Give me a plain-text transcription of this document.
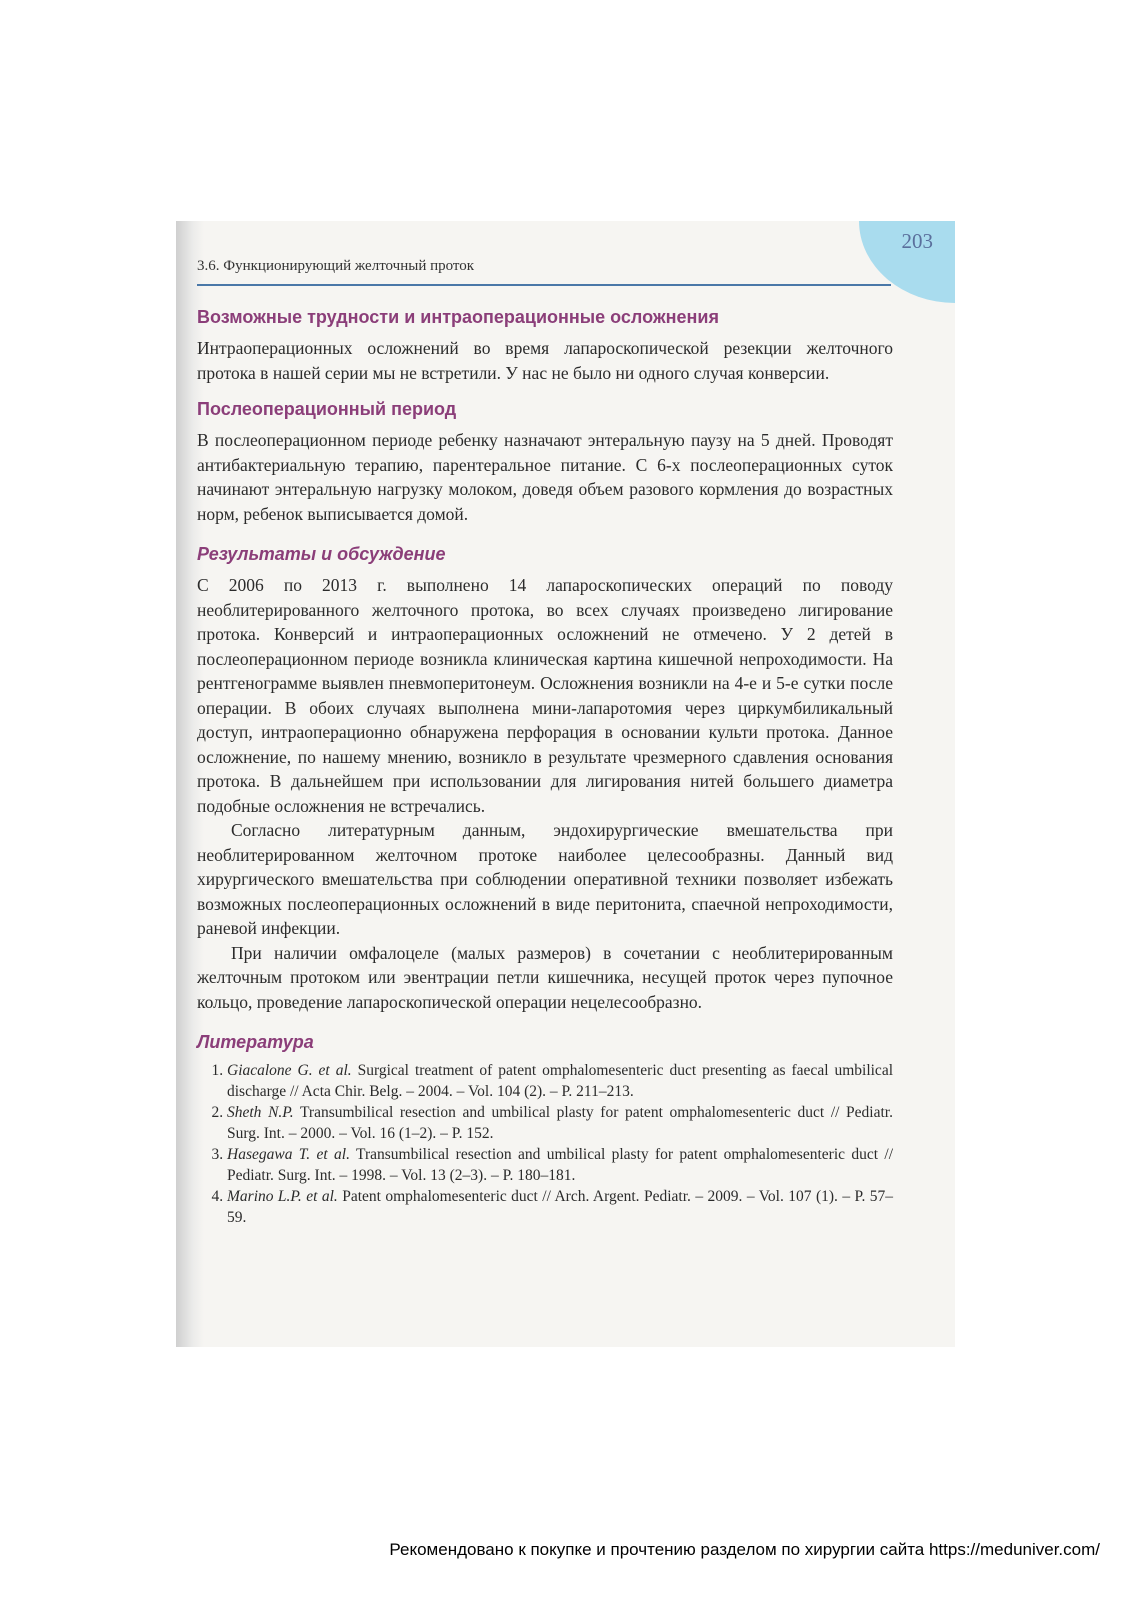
203
3.6. Функционирующий желточный проток
Возможные трудности и интраоперационные осложнения

Интраоперационных осложнений во время лапароскопической резекции желточного протока в нашей серии мы не встретили. У нас не было ни одного случая конверсии.

Послеоперационный период

В послеоперационном периоде ребенку назначают энтеральную паузу на 5 дней. Проводят антибактериальную терапию, парентеральное питание. С 6-х послеоперационных суток начинают энтеральную нагрузку молоком, доведя объем разового кормления до возрастных норм, ребенок выписывается домой.

Результаты и обсуждение

С 2006 по 2013 г. выполнено 14 лапароскопических операций по поводу необлитерированного желточного протока, во всех случаях произведено лигирование протока. Конверсий и интраоперационных осложнений не отмечено. У 2 детей в послеоперационном периоде возникла клиническая картина кишечной непроходимости. На рентгенограмме выявлен пневмоперитонеум. Осложнения возникли на 4-е и 5-е сутки после операции. В обоих случаях выполнена мини-лапаротомия через циркумбиликальный доступ, интраоперационно обнаружена перфорация в основании культи протока. Данное осложнение, по нашему мнению, возникло в результате чрезмерного сдавления основания протока. В дальнейшем при использовании для лигирования нитей большего диаметра подобные осложнения не встречались.

Согласно литературным данным, эндохирургические вмешательства при необлитерированном желточном протоке наиболее целесообразны. Данный вид хирургического вмешательства при соблюдении оперативной техники позволяет избежать возможных послеоперационных осложнений в виде перитонита, спаечной непроходимости, раневой инфекции.

При наличии омфалоцеле (малых размеров) в сочетании с необлитерированным желточным протоком или эвентрации петли кишечника, несущей проток через пупочное кольцо, проведение лапароскопической операции нецелесообразно.

Литература
1. Giacalone G. et al. Surgical treatment of patent omphalomesenteric duct presenting as faecal umbilical discharge // Acta Chir. Belg. – 2004. – Vol. 104 (2). – P. 211–213.
2. Sheth N.P. Transumbilical resection and umbilical plasty for patent omphalomesenteric duct // Pediatr. Surg. Int. – 2000. – Vol. 16 (1–2). – P. 152.
3. Hasegawa T. et al. Transumbilical resection and umbilical plasty for patent omphalomesenteric duct // Pediatr. Surg. Int. – 1998. – Vol. 13 (2–3). – P. 180–181.
4. Marino L.P. et al. Patent omphalomesenteric duct // Arch. Argent. Pediatr. – 2009. – Vol. 107 (1). – P. 57–59.
Рекомендовано к покупке и прочтению разделом по хирургии сайта https://meduniver.com/
